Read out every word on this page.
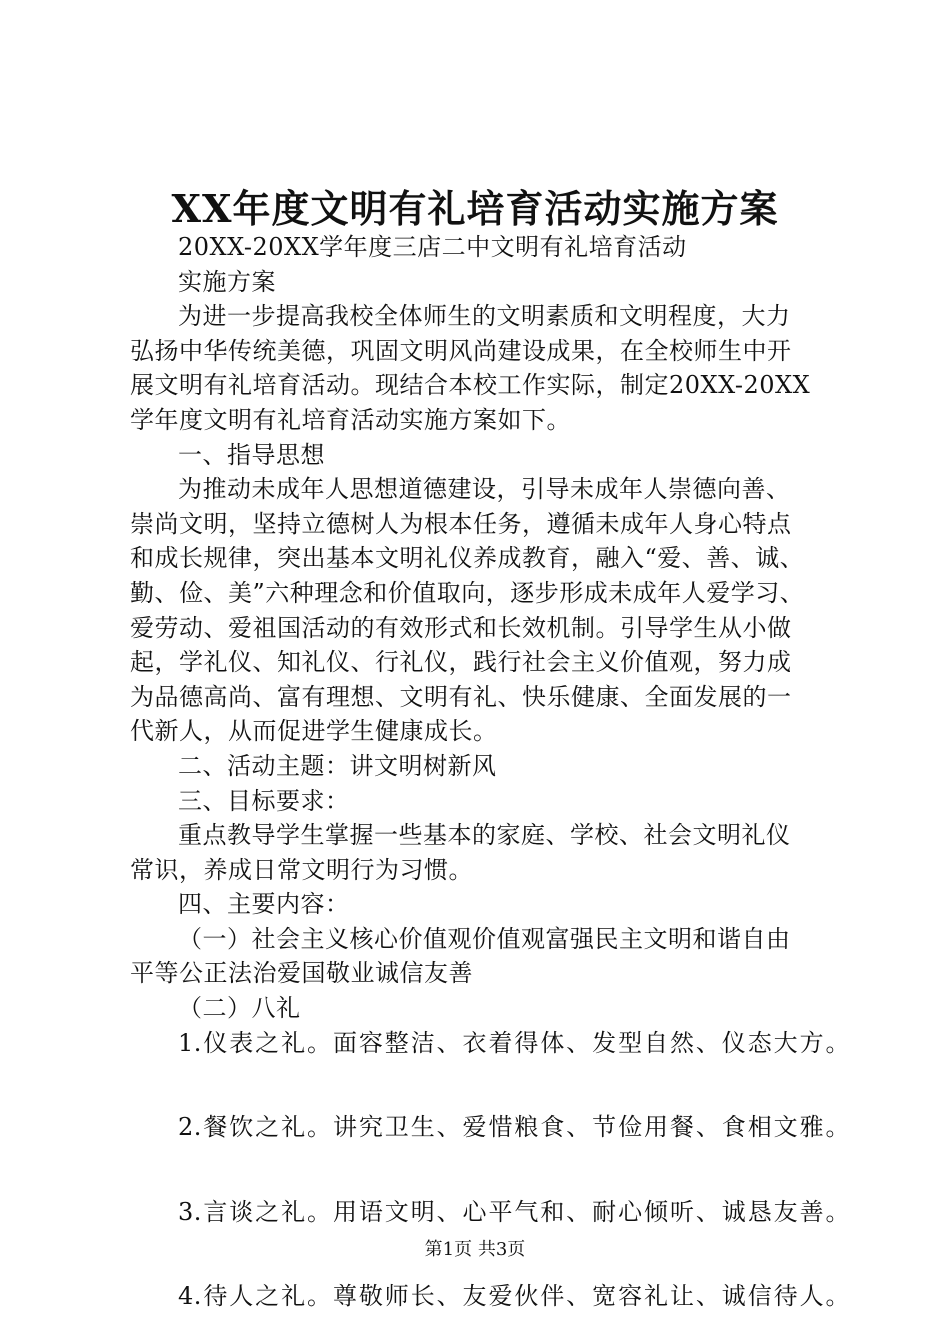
XX年度文明有礼培育活动实施方案
20XX-20XX学年度三店二中文明有礼培育活动
实施方案
为进一步提高我校全体师生的文明素质和文明程度，大力
弘扬中华传统美德，巩固文明风尚建设成果，在全校师生中开
展文明有礼培育活动。现结合本校工作实际，制定20XX-20XX
学年度文明有礼培育活动实施方案如下。
一、指导思想
为推动未成年人思想道德建设，引导未成年人崇德向善、
崇尚文明，坚持立德树人为根本任务，遵循未成年人身心特点
和成长规律，突出基本文明礼仪养成教育，融入“爱、善、诚、
勤、俭、美”六种理念和价值取向，逐步形成未成年人爱学习、
爱劳动、爱祖国活动的有效形式和长效机制。引导学生从小做
起，学礼仪、知礼仪、行礼仪，践行社会主义价值观，努力成
为品德高尚、富有理想、文明有礼、快乐健康、全面发展的一
代新人，从而促进学生健康成长。
二、活动主题：讲文明树新风
三、目标要求：
重点教导学生掌握一些基本的家庭、学校、社会文明礼仪
常识，养成日常文明行为习惯。
四、主要内容：
（一）社会主义核心价值观价值观富强民主文明和谐自由
平等公正法治爱国敬业诚信友善
（二）八礼
1.仪表之礼。面容整洁、衣着得体、发型自然、仪态大方。
2.餐饮之礼。讲究卫生、爱惜粮食、节俭用餐、食相文雅。
3.言谈之礼。用语文明、心平气和、耐心倾听、诚恳友善。
4.待人之礼。尊敬师长、友爱伙伴、宽容礼让、诚信待人。
第1页 共3页
